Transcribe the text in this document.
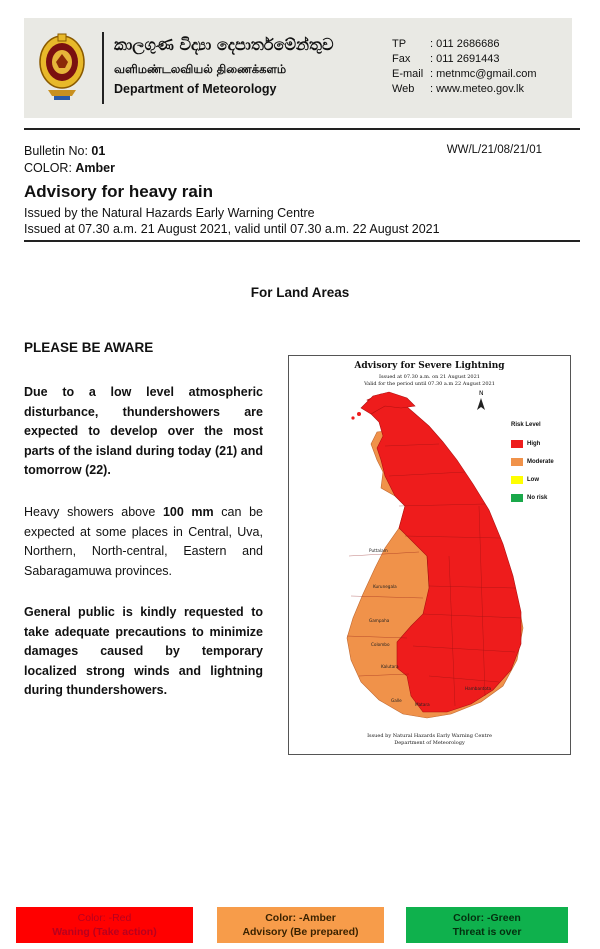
කාලගුණ විද්‍යා දෙපාර්තමේන්තුව
வளிமண்டலவியல் திணைக்களம்
Department of Meteorology
TP	: 011 2686686
Fax	: 011 2691443
E-mail : metnmc@gmail.com
Web	: www.meteo.gov.lk
Bulletin No: 01
COLOR: Amber
WW/L/21/08/21/01
Advisory for heavy rain
Issued by the Natural Hazards Early Warning Centre
Issued at 07.30 a.m. 21 August 2021, valid until 07.30 a.m. 22 August 2021
For Land Areas
PLEASE BE AWARE
Due to a low level atmospheric disturbance, thundershowers are expected to develop over the most parts of the island during today (21) and tomorrow (22).
Heavy showers above 100 mm can be expected at some places in Central, Uva, Northern, North-central, Eastern and Sabaragamuwa provinces.
General public is kindly requested to take adequate precautions to minimize damages caused by temporary localized strong winds and lightning during thundershowers.
Advisory for Severe Lightning
Issued at 07.30 a.m. on 21 August 2021
Valid for the period until 07.30 a.m 22 August 2021
N
Puttalam
Kurunegala
Gampaha
Colombo
Kalutara
Galle
Matara
Hambantota
Risk Level
High
Moderate
Low
No risk
Issued by Natural Hazards Early Warning Centre
Department of Meteorology
Color: -Red
Waning (Take action)
Color: -Amber
Advisory (Be prepared)
Color: -Green
Threat is over
